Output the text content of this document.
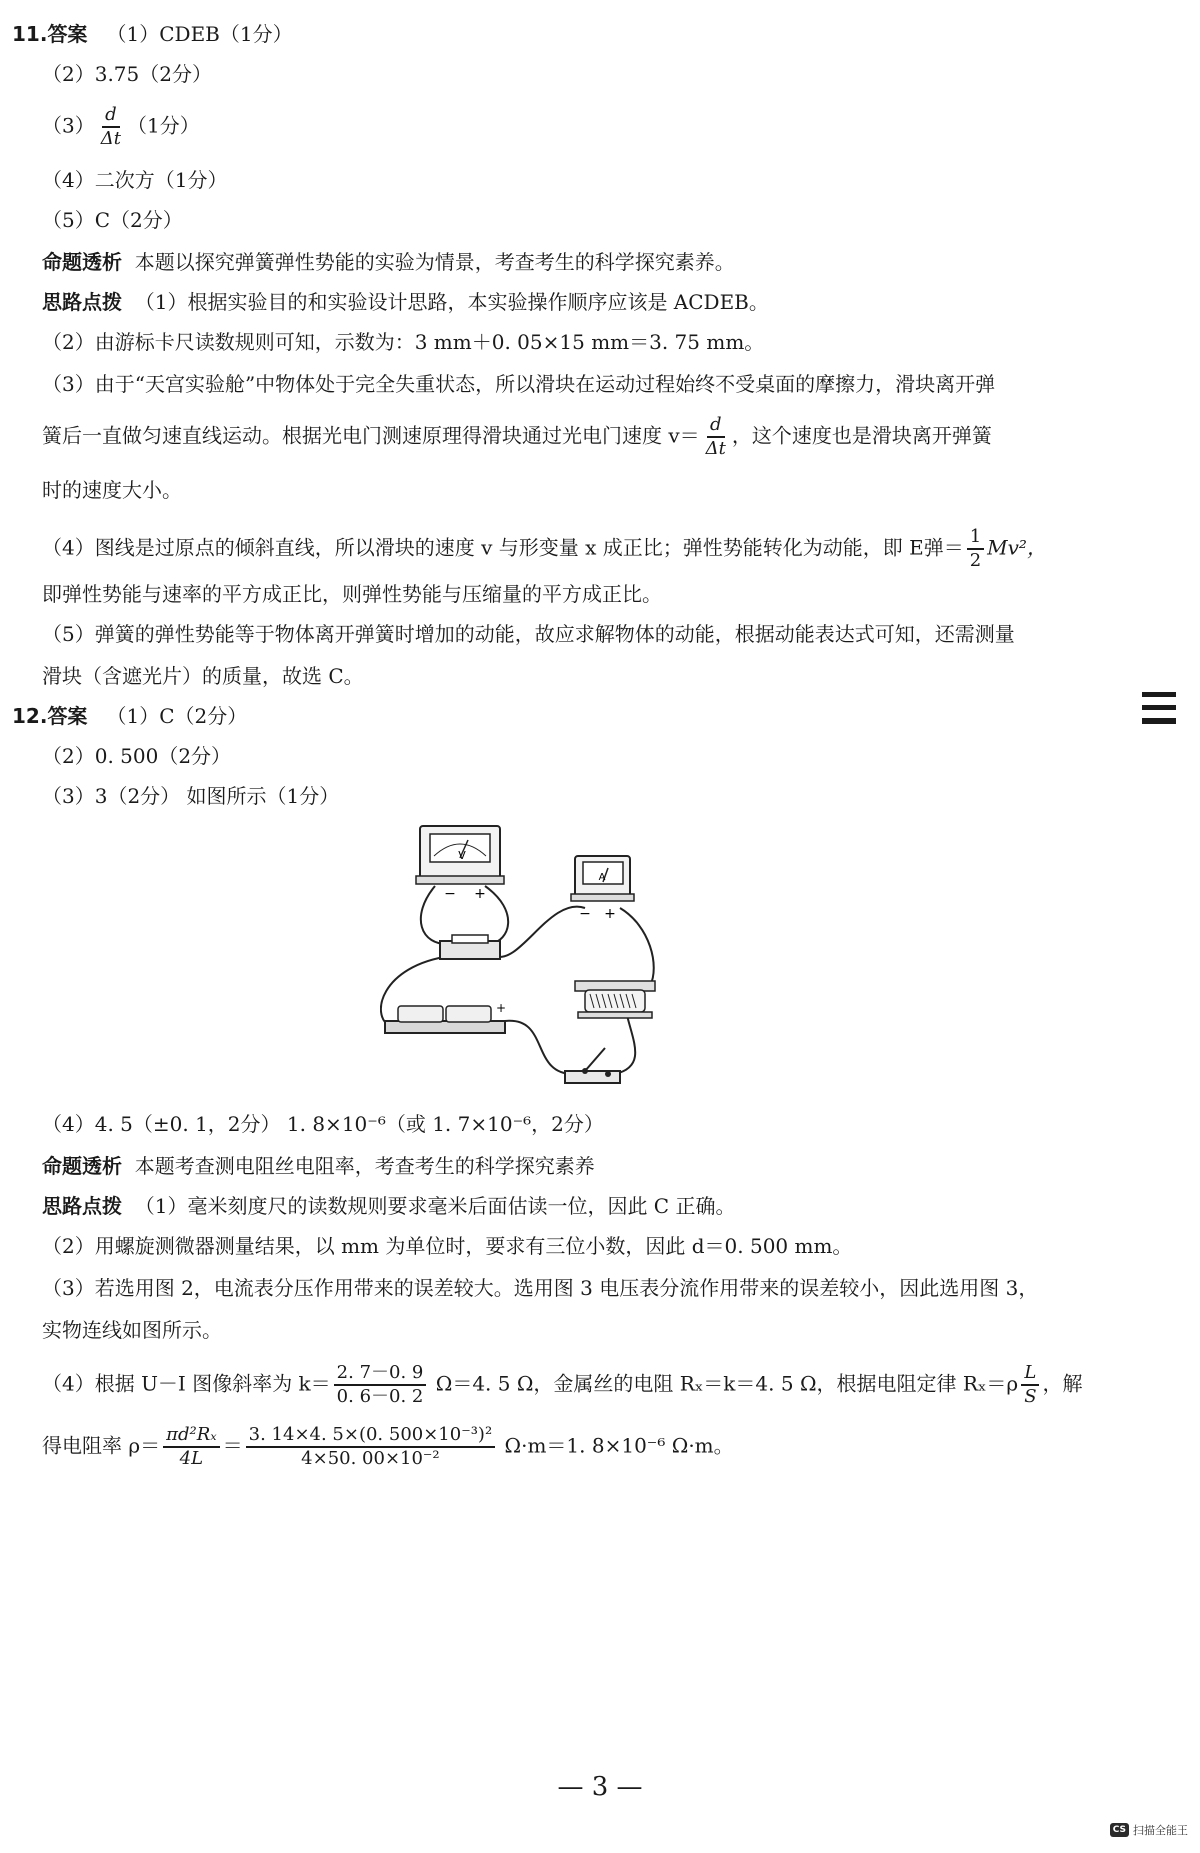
11.答案 （1）CDEB（1分）
（2）3.75（2分）
$(3) \frac{d}{\Delta t} (1$分）
（4）二次方（1分）
（5）C（2分）
命题透析 本题以探究弹簧弹性势能的实验为情景，考查考生的科学探究素养。
思路点拨 （1）根据实验目的和实验设计思路，本实验操作顺序应该是 ACDEB。
（2）由游标卡尺读数规则可知，示数为：3 mm＋0. 05×15 mm＝3. 75 mm。
（3）由于“天宫实验舱”中物体处于完全失重状态，所以滑块在运动过程始终不受桌面的摩擦力，滑块离开弹
簧后一直做匀速直线运动。根据光电门测速原理得滑块通过光电门速度 $v= \frac{d}{\Delta t}$ ，这个速度也是滑块离开弹簧
时的速度大小。
（4）图线是过原点的倾斜直线，所以滑块的速度 v 与形变量 x 成正比；弹性势能转化为动能，即 E弹＝ $\frac{1}{2} Mv^2$，
即弹性势能与速率的平方成正比，则弹性势能与压缩量的平方成正比。
（5）弹簧的弹性势能等于物体离开弹簧时增加的动能，故应求解物体的动能，根据动能表达式可知，还需测量
滑块（含遮光片）的质量，故选 C。
12.答案 （1）C（2分）
（2）0. 500（2分）
（3）3（2分） 如图所示（1分）
V
− +
A
− +
+
（4）4. 5（±0. 1，2分） 1. 8×10⁻⁶（或 1. 7×10⁻⁶，2分）
命题透析 本题考查测电阻丝电阻率，考查考生的科学探究素养
思路点拨 （1）毫米刻度尺的读数规则要求毫米后面估读一位，因此 C 正确。
（2）用螺旋测微器测量结果，以 mm 为单位时，要求有三位小数，因此 d＝0. 500 mm。
（3）若选用图 2，电流表分压作用带来的误差较大。选用图 3 电压表分流作用带来的误差较小，因此选用图 3，
实物连线如图所示。
（4）根据 U－I 图像斜率为 $k= \frac{2. 7-0. 9}{0. 6-0. 2} \Omega=4$. 5 Ω，金属丝的电阻 Rₓ＝k＝4. 5 Ω，根据电阻定律 $R_x=\rho \frac{L}{S}$ ，解
得电阻率 $\rho= \frac{\text{πd²Rₓ}}{4L} = \frac{\text{3. 14×4. 5×(0. 500×10⁻³)²}}{\text{4×50. 00×10⁻²}} \Omega\cdot m=1$. 8×10⁻⁶ Ω·m。
— 3 —
CS 扫描全能王
